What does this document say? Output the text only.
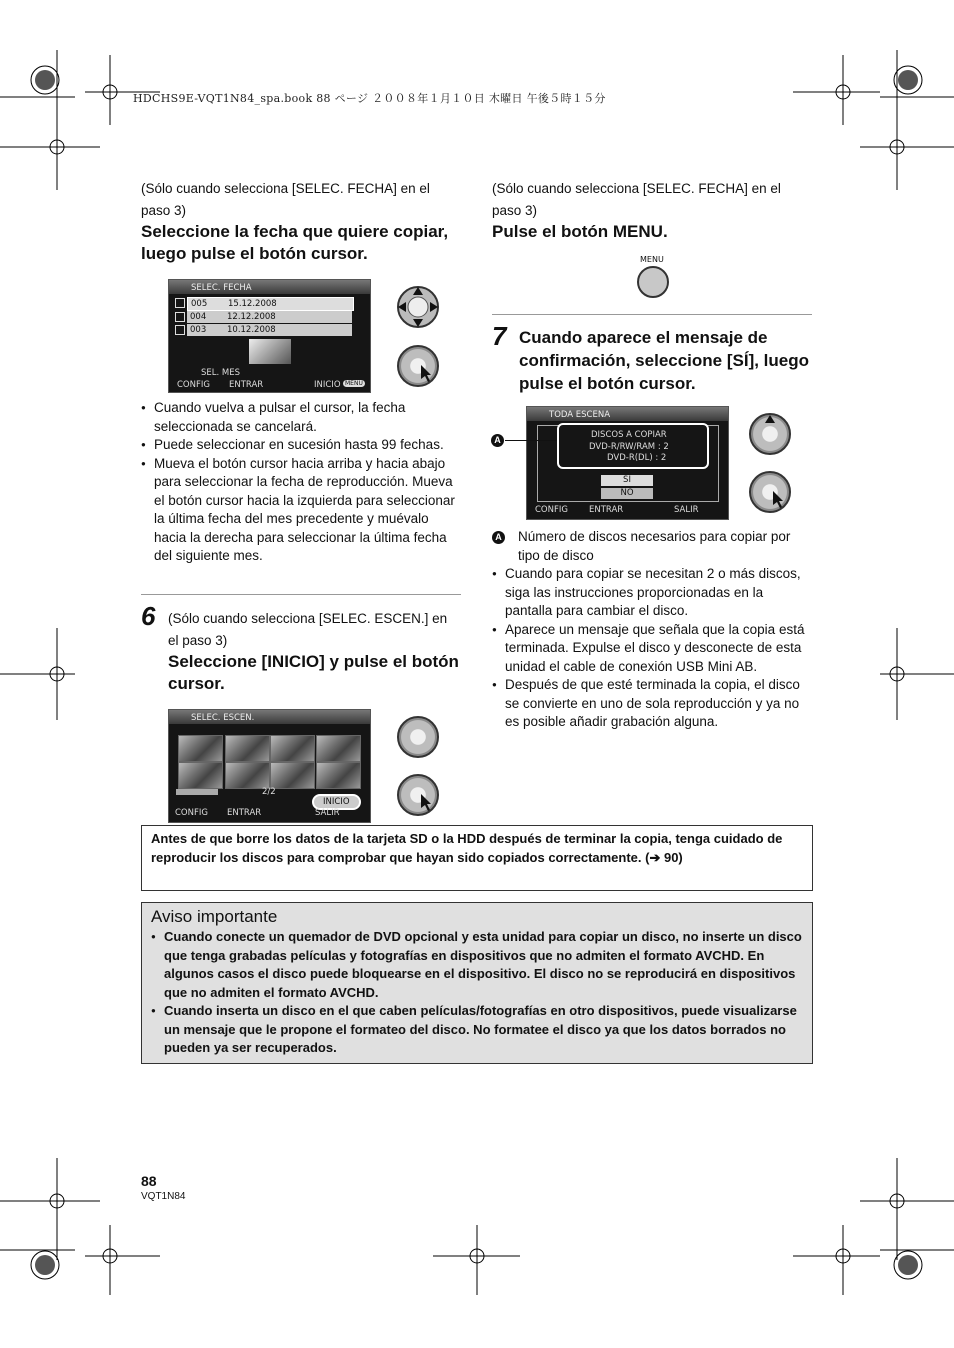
HDCHS9E-VQT1N84_spa.book 88 ページ ２００８年１月１０日 木曜日 午後５時１５分
(Sólo cuando selecciona [SELEC. FECHA] en el paso 3)
Seleccione la fecha que quiere copiar, luego pulse el botón cursor.
SELEC. FECHA
005 15.12.2008
004 12.12.2008
003 10.12.2008
SEL. MES
CONFIG ENTRAR	INICIO MENU
● Cuando vuelva a pulsar el cursor, la fecha seleccionada se cancelará.
● Puede seleccionar en sucesión hasta 99 fechas.
● Mueva el botón cursor hacia arriba y hacia abajo para seleccionar la fecha de reproducción. Mueva el botón cursor hacia la izquierda para seleccionar la última fecha del mes precedente y muévalo hacia la derecha para seleccionar la última fecha del siguiente mes.
6 (Sólo cuando selecciona [SELEC. ESCEN.] en el paso 3)
Seleccione [INICIO] y pulse el botón cursor.
SELEC. ESCEN.
2/2
INICIO
CONFIG ENTRAR	SALIR
(Sólo cuando selecciona [SELEC. FECHA] en el paso 3)
Pulse el botón MENU.
MENU
7 Cuando aparece el mensaje de confirmación, seleccione [SÍ], luego pulse el botón cursor.
TODA ESCENA
DISCOS A COPIAR
DVD-R/RW/RAM : 2
DVD-R(DL) : 2
SÍ
NO
CONFIG ENTRAR	SALIR
A
A	Número de discos necesarios para copiar por tipo de disco
● Cuando para copiar se necesitan 2 o más discos, siga las instrucciones proporcionadas en la pantalla para cambiar el disco.
● Aparece un mensaje que señala que la copia está terminada. Expulse el disco y desconecte de esta unidad el cable de conexión USB Mini AB.
● Después de que esté terminada la copia, el disco se convierte en uno de sola reproducción y ya no es posible añadir grabación alguna.
Antes de que borre los datos de la tarjeta SD o la HDD después de terminar la copia, tenga cuidado de reproducir los discos para comprobar que hayan sido copiados correctamente. (➔ 90)
Aviso importante
● Cuando conecte un quemador de DVD opcional y esta unidad para copiar un disco, no inserte un disco que tenga grabadas películas y fotografías en dispositivos que no admiten el formato AVCHD. En algunos casos el disco puede bloquearse en el dispositivo. El disco no se reproducirá en dispositivos que no admiten el formato AVCHD.
● Cuando inserta un disco en el que caben películas/fotografías en otro dispositivos, puede visualizarse un mensaje que le propone el formateo del disco. No formatee el disco ya que los datos borrados no pueden ya ser recuperados.
88
VQT1N84
